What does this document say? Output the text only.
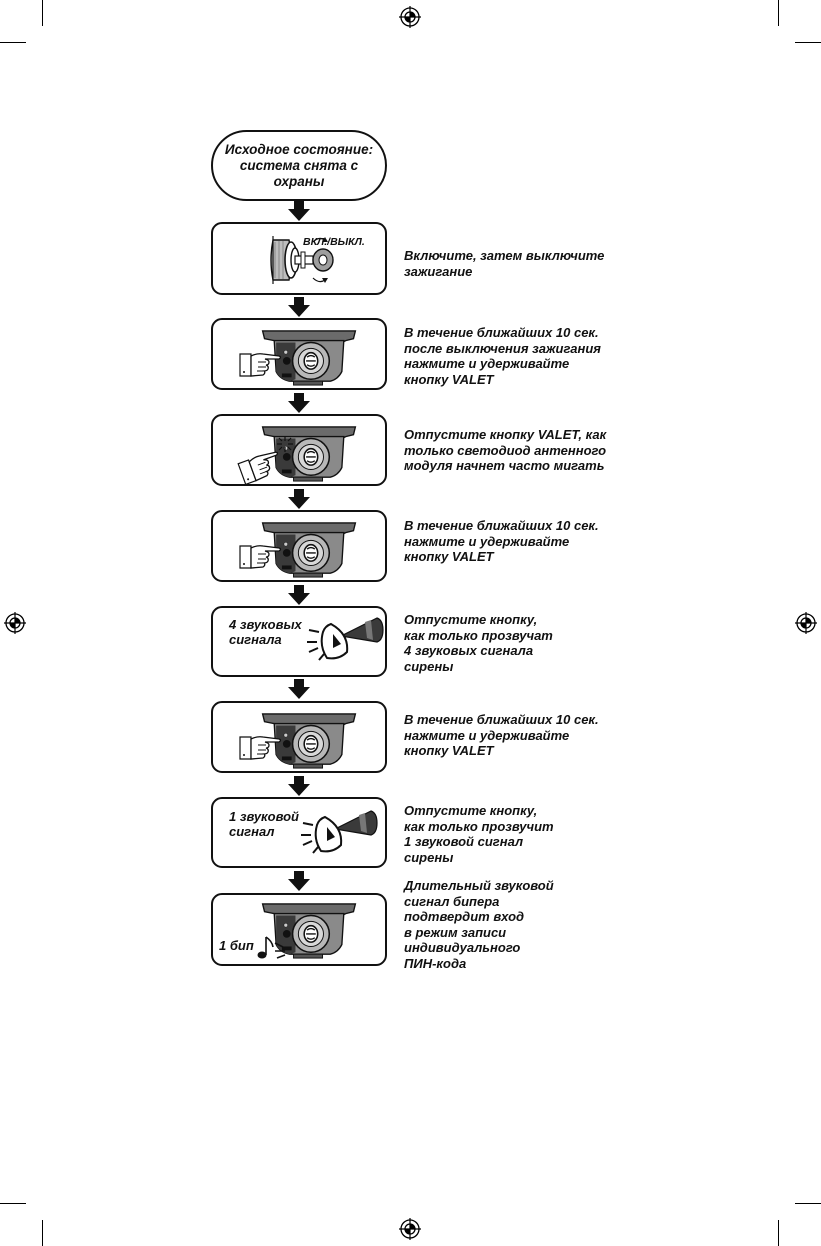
Исходное состояние:
система снята с
охраны
ВКЛ./ВЫКЛ.
Включите, затем выключите
зажигание
В течение ближайших 10 сек.
после выключения зажигания
нажмите и удерживайте
кнопку VALET
Отпустите кнопку VALET, как
только светодиод антенного
модуля начнет часто мигать
В течение ближайших 10 сек.
нажмите и удерживайте
кнопку VALET
4 звуковых
сигнала
Отпустите кнопку,
как только прозвучат
4 звуковых сигнала
сирены
В течение ближайших 10 сек.
нажмите и удерживайте
кнопку VALET
1 звуковой
сигнал
Отпустите кнопку,
как только прозвучит
1 звуковой сигнал
сирены
1 бип
Длительный звуковой
сигнал бипера
подтвердит вход
в режим записи
индивидуального
ПИН-кода
